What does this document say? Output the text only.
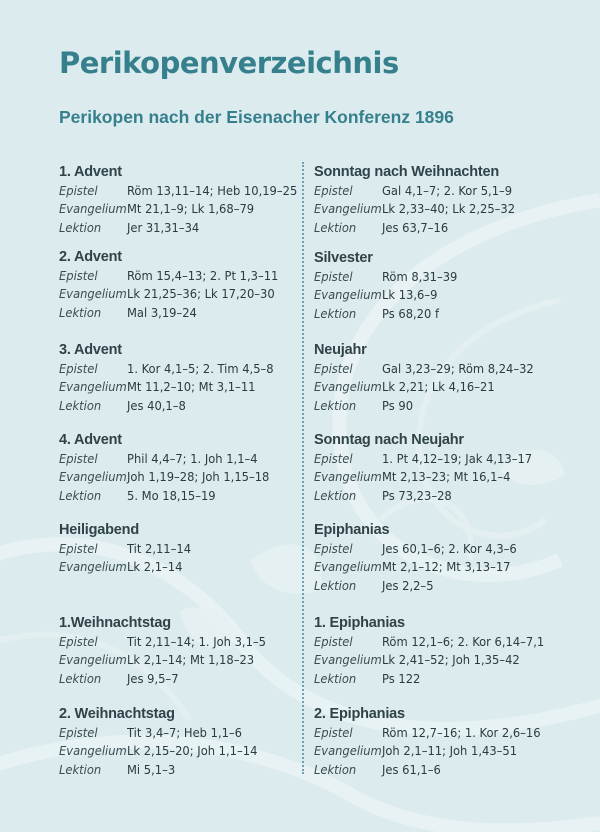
Perikopenverzeichnis
Perikopen nach der Eisenacher Konferenz 1896
1. Advent
Epistel	Röm 13,11–14; Heb 10,19–25
Evangelium Mt 21,1–9; Lk 1,68–79
Lektion	Jer 31,31–34
2. Advent
Epistel	Röm 15,4–13; 2. Pt 1,3–11
Evangelium Lk 21,25–36; Lk 17,20–30
Lektion	Mal 3,19–24
3. Advent
Epistel	1. Kor 4,1–5; 2. Tim 4,5–8
Evangelium Mt 11,2–10; Mt 3,1–11
Lektion	Jes 40,1–8
4. Advent
Epistel	Phil 4,4–7; 1. Joh 1,1–4
Evangelium Joh 1,19–28; Joh 1,15–18
Lektion	5. Mo 18,15–19
Heiligabend
Epistel	Tit 2,11–14
Evangelium Lk 2,1–14
1.Weihnachtstag
Epistel	Tit 2,11–14; 1. Joh 3,1–5
Evangelium Lk 2,1–14; Mt 1,18–23
Lektion	Jes 9,5–7
2. Weihnachtstag
Epistel	Tit 3,4–7; Heb 1,1–6
Evangelium Lk 2,15–20; Joh 1,1–14
Lektion	Mi 5,1–3
Sonntag nach Weihnachten
Epistel	Gal 4,1–7; 2. Kor 5,1–9
Evangelium Lk 2,33–40; Lk 2,25–32
Lektion	Jes 63,7–16
Silvester
Epistel	Röm 8,31–39
Evangelium Lk 13,6–9
Lektion	Ps 68,20 f
Neujahr
Epistel	Gal 3,23–29; Röm 8,24–32
Evangelium Lk 2,21; Lk 4,16–21
Lektion	Ps 90
Sonntag nach Neujahr
Epistel	1. Pt 4,12–19; Jak 4,13–17
Evangelium Mt 2,13–23; Mt 16,1–4
Lektion	Ps 73,23–28
Epiphanias
Epistel	Jes 60,1–6; 2. Kor 4,3–6
Evangelium Mt 2,1–12; Mt 3,13–17
Lektion	Jes 2,2–5
1. Epiphanias
Epistel	Röm 12,1–6; 2. Kor 6,14–7,1
Evangelium Lk 2,41–52; Joh 1,35–42
Lektion	Ps 122
2. Epiphanias
Epistel	Röm 12,7–16; 1. Kor 2,6–16
Evangelium Joh 2,1–11; Joh 1,43–51
Lektion	Jes 61,1–6
